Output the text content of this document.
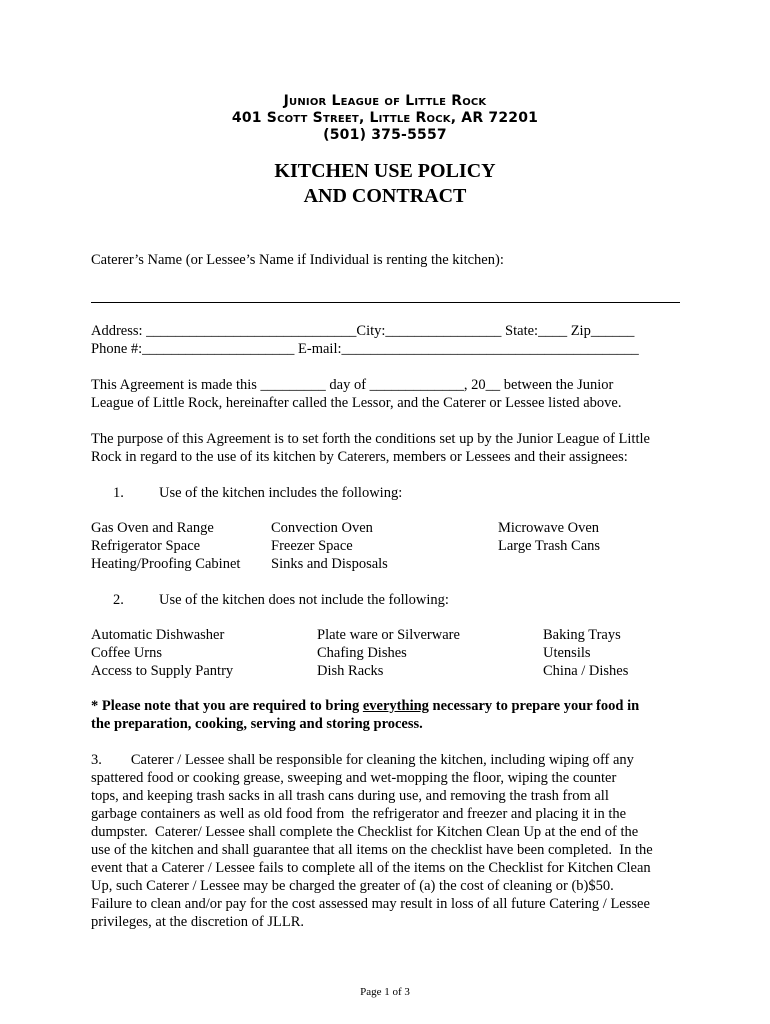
Junior League of Little Rock
401 Scott Street, Little Rock, AR 72201
(501) 375-5557
KITCHEN USE POLICY
AND CONTRACT
Caterer’s Name (or Lessee’s Name if Individual is renting the kitchen):
Address: _____________________________City:________________ State:____ Zip______
Phone #:_____________________ E-mail:_________________________________________
This Agreement is made this _________ day of _____________, 20__ between the Junior
League of Little Rock, hereinafter called the Lessor, and the Caterer or Lessee listed above.
The purpose of this Agreement is to set forth the conditions set up by the Junior League of Little
Rock in regard to the use of its kitchen by Caterers, members or Lessees and their assignees:
1. Use of the kitchen includes the following:
Gas Oven and Range
Refrigerator Space
Heating/Proofing Cabinet
Convection Oven
Freezer Space
Sinks and Disposals
Microwave Oven
Large Trash Cans
2. Use of the kitchen does not include the following:
Automatic Dishwasher
Coffee Urns
Access to Supply Pantry
Plate ware or Silverware
Chafing Dishes
Dish Racks
Baking Trays
Utensils
China / Dishes
* Please note that you are required to bring everything necessary to prepare your food in
the preparation, cooking, serving and storing process.
3.        Caterer / Lessee shall be responsible for cleaning the kitchen, including wiping off any
spattered food or cooking grease, sweeping and wet-mopping the floor, wiping the counter
tops, and keeping trash sacks in all trash cans during use, and removing the trash from all
garbage containers as well as old food from  the refrigerator and freezer and placing it in the
dumpster.  Caterer/ Lessee shall complete the Checklist for Kitchen Clean Up at the end of the
use of the kitchen and shall guarantee that all items on the checklist have been completed.  In the
event that a Caterer / Lessee fails to complete all of the items on the Checklist for Kitchen Clean
Up, such Caterer / Lessee may be charged the greater of (a) the cost of cleaning or (b)$50.
Failure to clean and/or pay for the cost assessed may result in loss of all future Catering / Lessee
privileges, at the discretion of JLLR.
Page 1 of 3
